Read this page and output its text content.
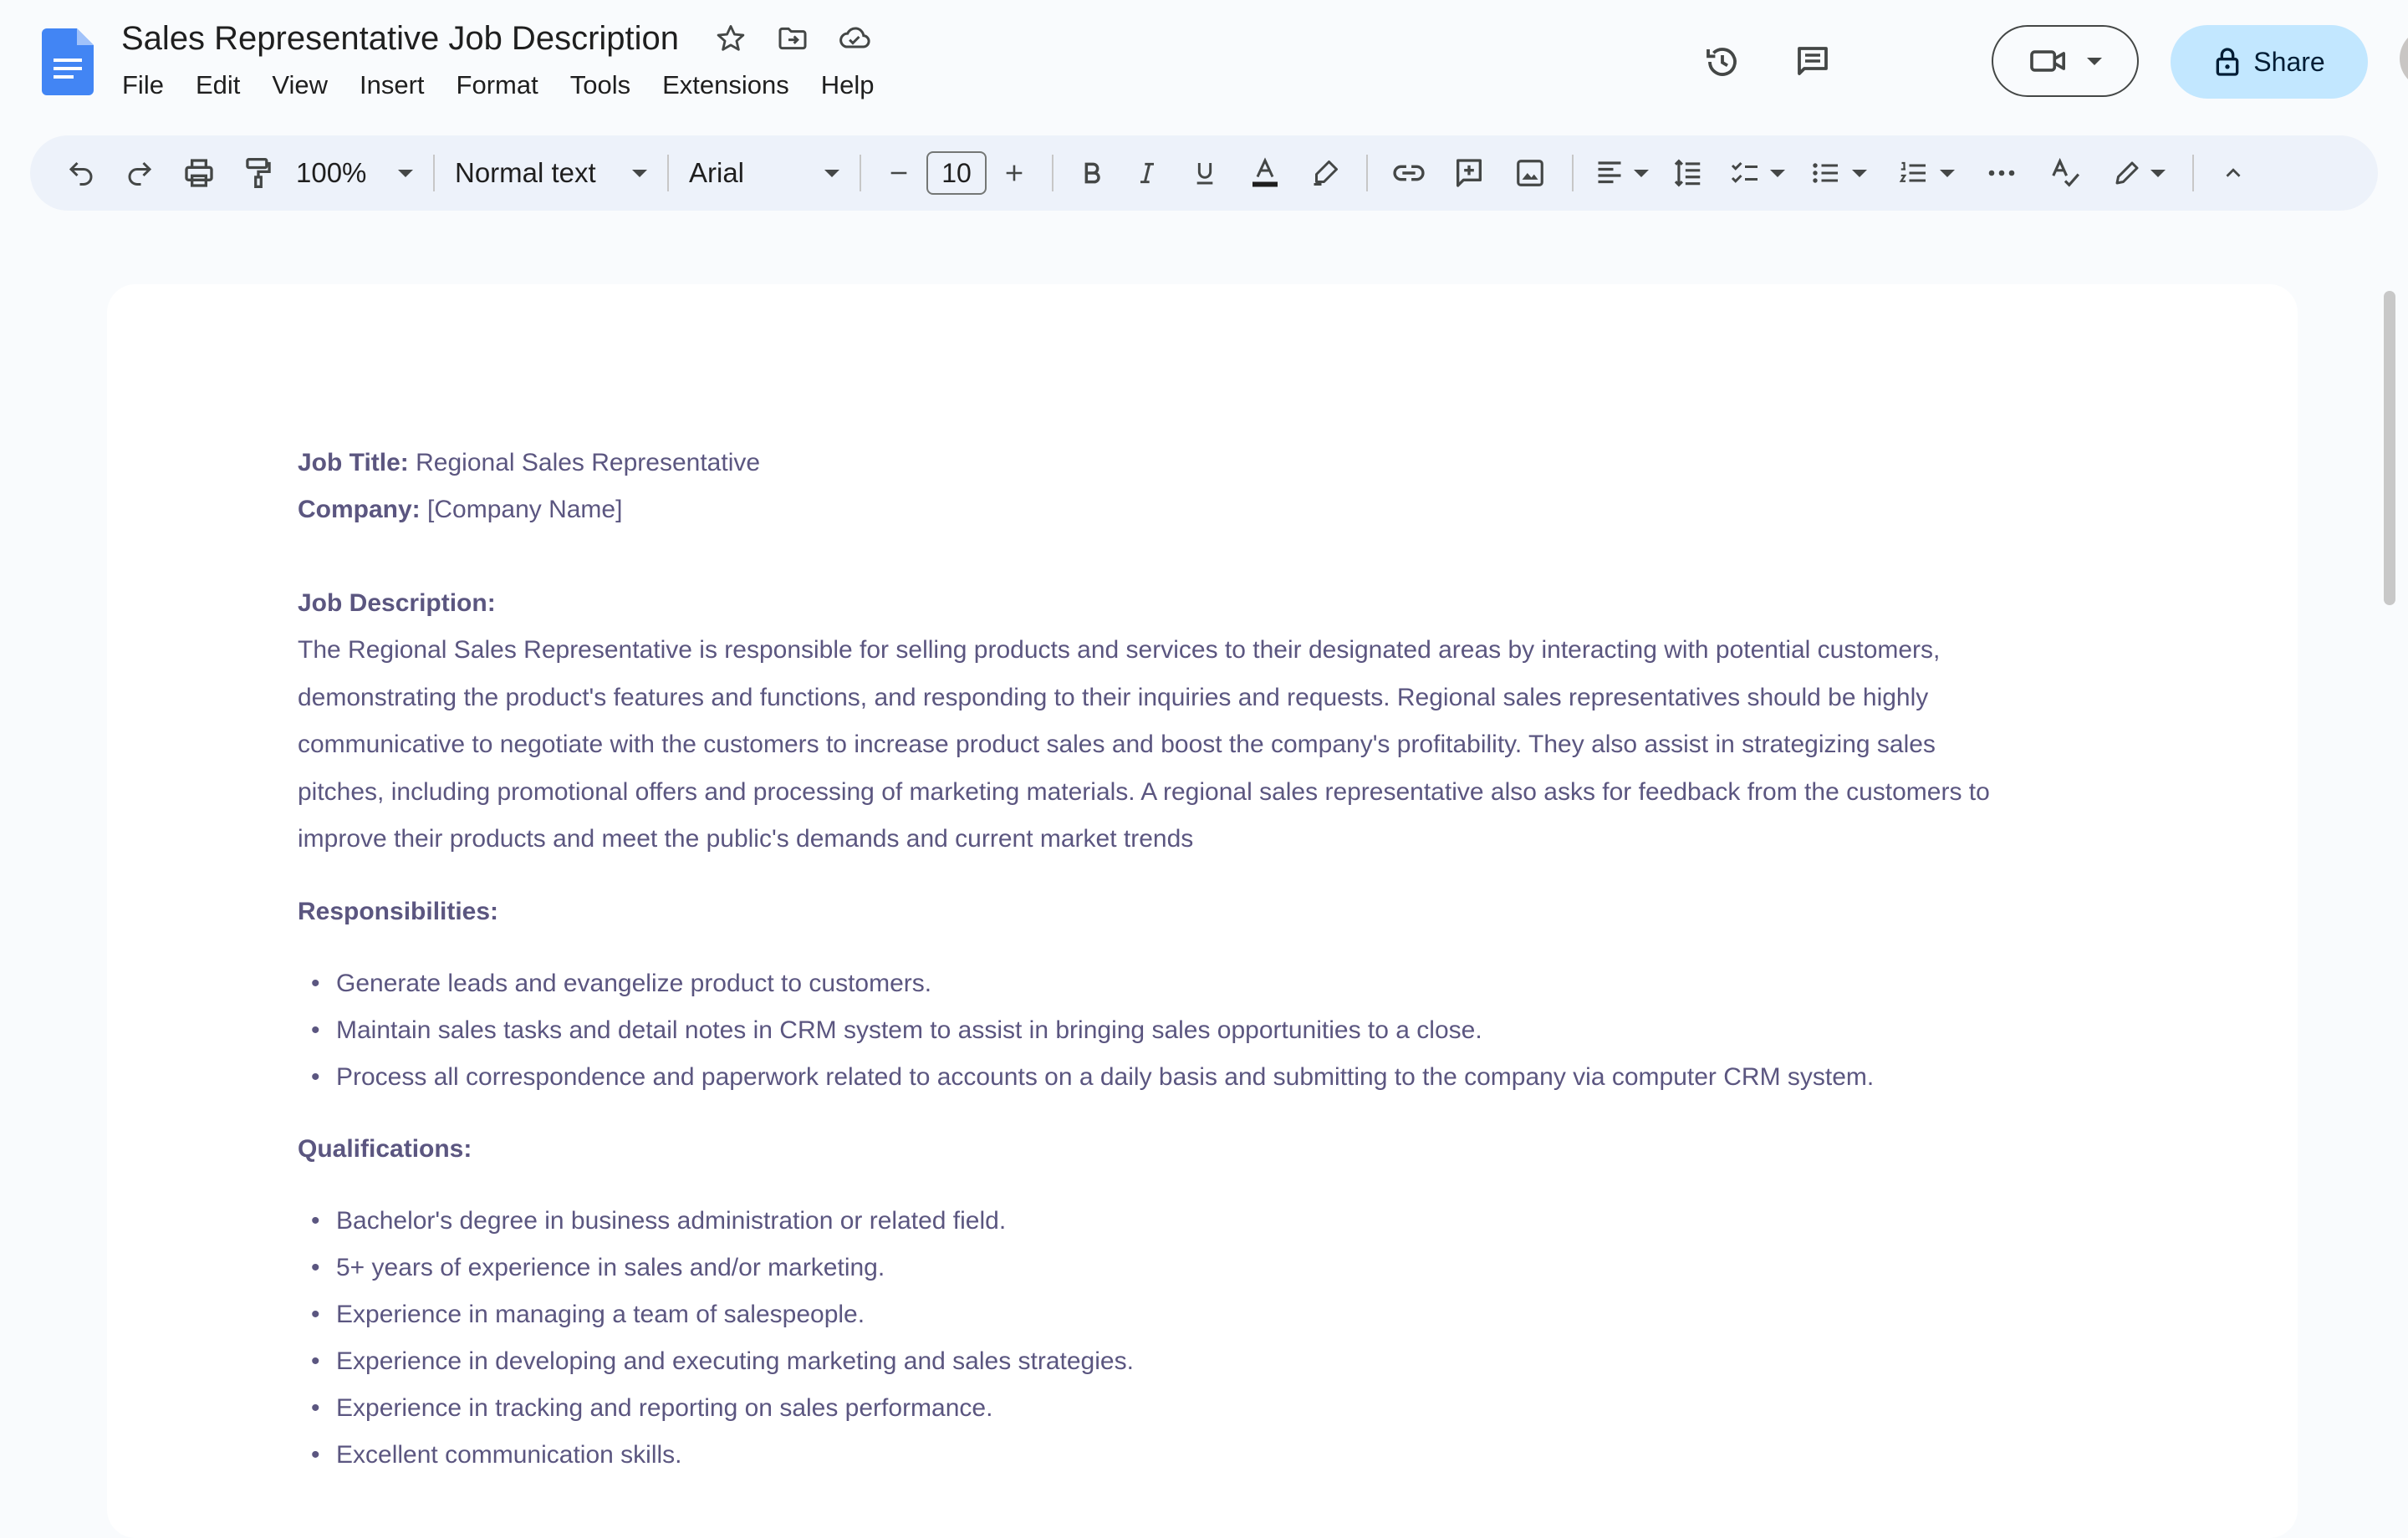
Sales Representative Job Description
File Edit View Insert Format Tools Extensions Help
Share
100%	Normal text	Arial	10
Job Title: Regional Sales Representative
Company: [Company Name]
Job Description:
The Regional Sales Representative is responsible for selling products and services to their designated areas by interacting with potential customers,
demonstrating the product's features and functions, and responding to their inquiries and requests. Regional sales representatives should be highly
communicative to negotiate with the customers to increase product sales and boost the company's profitability. They also assist in strategizing sales
pitches, including promotional offers and processing of marketing materials. A regional sales representative also asks for feedback from the customers to
improve their products and meet the public's demands and current market trends
Responsibilities:
• Generate leads and evangelize product to customers.
• Maintain sales tasks and detail notes in CRM system to assist in bringing sales opportunities to a close.
• Process all correspondence and paperwork related to accounts on a daily basis and submitting to the company via computer CRM system.
Qualifications:
• Bachelor's degree in business administration or related field.
• 5+ years of experience in sales and/or marketing.
• Experience in managing a team of salespeople.
• Experience in developing and executing marketing and sales strategies.
• Experience in tracking and reporting on sales performance.
• Excellent communication skills.
